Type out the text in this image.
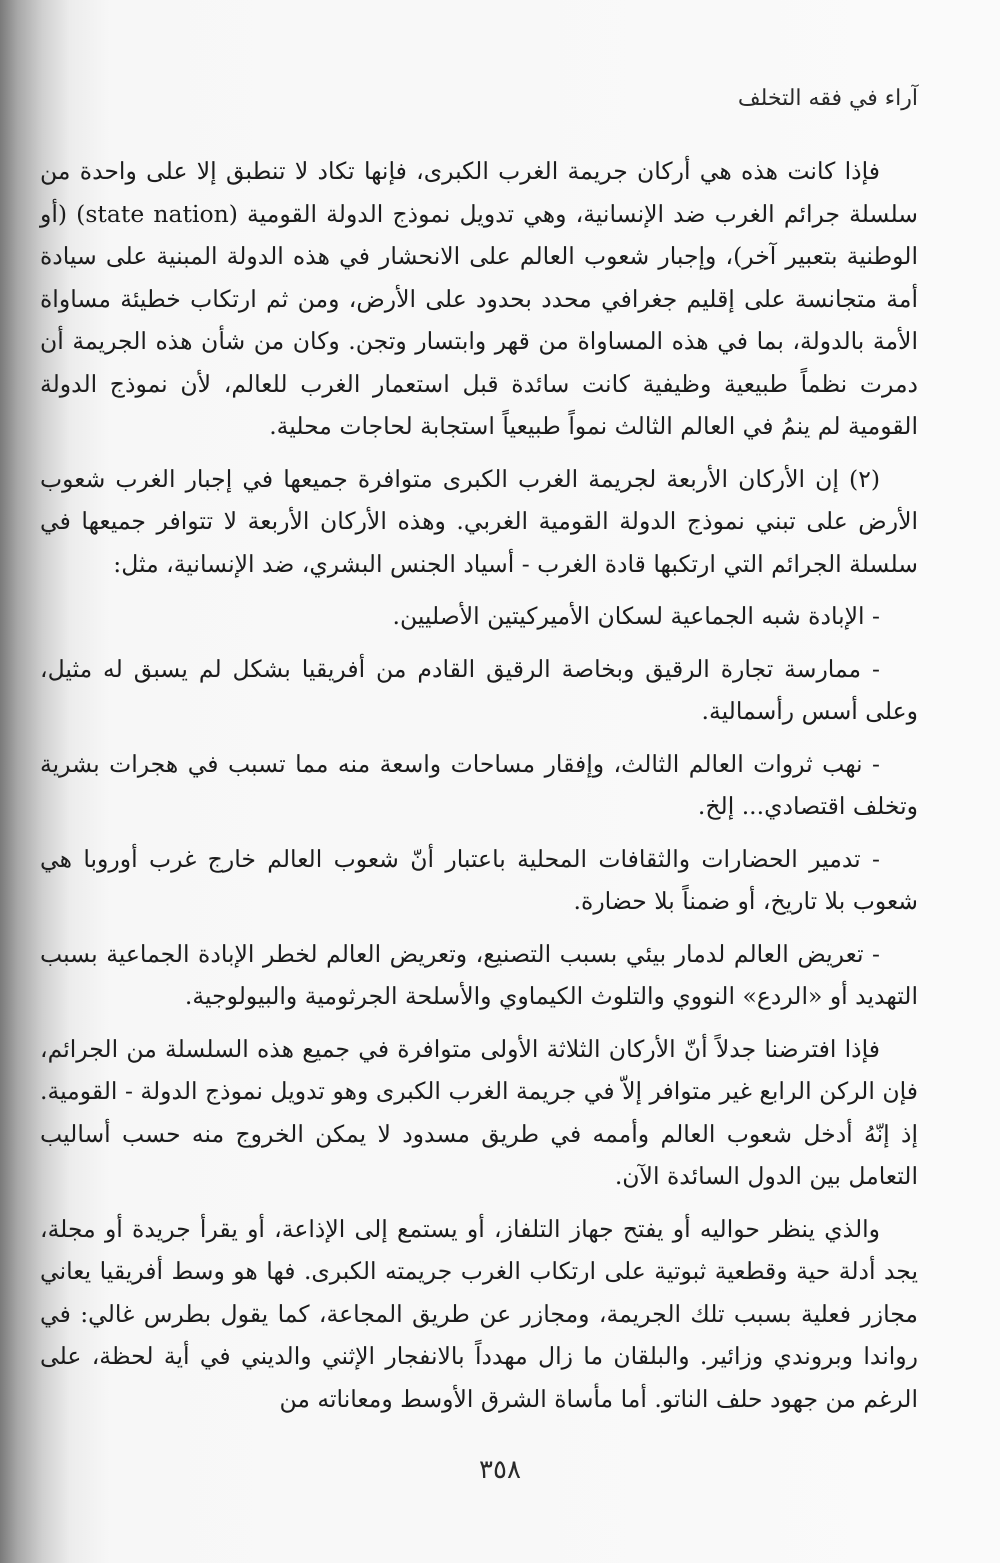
آراء في فقه التخلف

فإذا كانت هذه هي أركان جريمة الغرب الكبرى، فإنها تكاد لا تنطبق إلا على واحدة من سلسلة جرائم الغرب ضد الإنسانية، وهي تدويل نموذج الدولة القومية (state nation) (أو الوطنية بتعبير آخر)، وإجبار شعوب العالم على الانحشار في هذه الدولة المبنية على سيادة أمة متجانسة على إقليم جغرافي محدد بحدود على الأرض، ومن ثم ارتكاب خطيئة مساواة الأمة بالدولة، بما في هذه المساواة من قهر وابتسار وتجن. وكان من شأن هذه الجريمة أن دمرت نظماً طبيعية وظيفية كانت سائدة قبل استعمار الغرب للعالم، لأن نموذج الدولة القومية لم ينمُ في العالم الثالث نمواً طبيعياً استجابة لحاجات محلية.

(٢) إن الأركان الأربعة لجريمة الغرب الكبرى متوافرة جميعها في إجبار الغرب شعوب الأرض على تبني نموذج الدولة القومية الغربي. وهذه الأركان الأربعة لا تتوافر جميعها في سلسلة الجرائم التي ارتكبها قادة الغرب - أسياد الجنس البشري، ضد الإنسانية، مثل:

- الإبادة شبه الجماعية لسكان الأميركيتين الأصليين.

- ممارسة تجارة الرقيق وبخاصة الرقيق القادم من أفريقيا بشكل لم يسبق له مثيل، وعلى أسس رأسمالية.

- نهب ثروات العالم الثالث، وإفقار مساحات واسعة منه مما تسبب في هجرات بشرية وتخلف اقتصادي... إلخ.

- تدمير الحضارات والثقافات المحلية باعتبار أنّ شعوب العالم خارج غرب أوروبا هي شعوب بلا تاريخ، أو ضمناً بلا حضارة.

- تعريض العالم لدمار بيئي بسبب التصنيع، وتعريض العالم لخطر الإبادة الجماعية بسبب التهديد أو «الردع» النووي والتلوث الكيماوي والأسلحة الجرثومية والبيولوجية.

فإذا افترضنا جدلاً أنّ الأركان الثلاثة الأولى متوافرة في جميع هذه السلسلة من الجرائم، فإن الركن الرابع غير متوافر إلاّ في جريمة الغرب الكبرى وهو تدويل نموذج الدولة - القومية. إذ إنّهُ أدخل شعوب العالم وأممه في طريق مسدود لا يمكن الخروج منه حسب أساليب التعامل بين الدول السائدة الآن.

والذي ينظر حواليه أو يفتح جهاز التلفاز، أو يستمع إلى الإذاعة، أو يقرأ جريدة أو مجلة، يجد أدلة حية وقطعية ثبوتية على ارتكاب الغرب جريمته الكبرى. فها هو وسط أفريقيا يعاني مجازر فعلية بسبب تلك الجريمة، ومجازر عن طريق المجاعة، كما يقول بطرس غالي: في رواندا وبروندي وزائير. والبلقان ما زال مهدداً بالانفجار الإثني والديني في أية لحظة، على الرغم من جهود حلف الناتو. أما مأساة الشرق الأوسط ومعاناته من

٣٥٨
